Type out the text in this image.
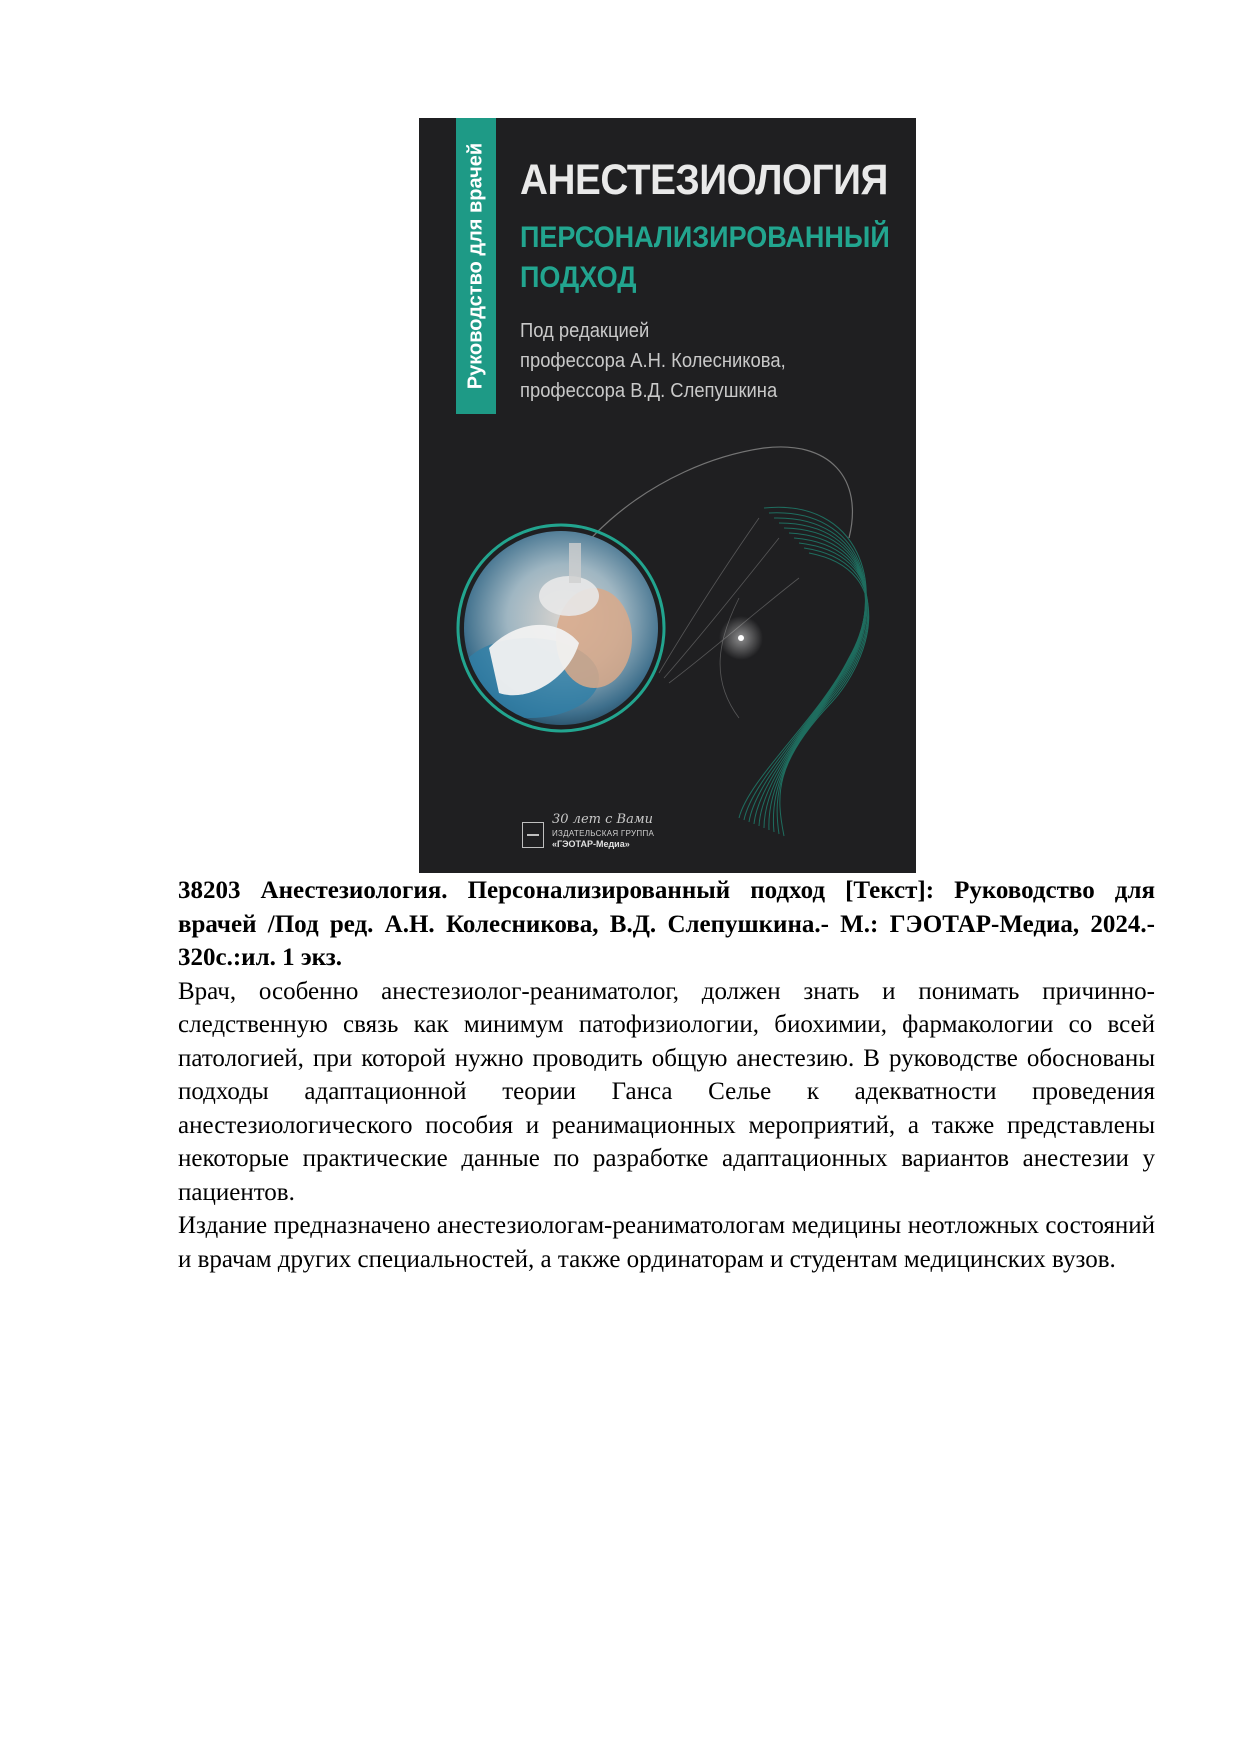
Руководство для врачей АНЕСТЕЗИОЛОГИЯ
ПЕРСОНАЛИЗИРОВАННЫЙ
ПОДХОД
Под редакцией
профессора А.Н. Колесникова,
профессора В.Д. Слепушкина
30 лет с Вами
ИЗДАТЕЛЬСКАЯ ГРУППА
«ГЭОТАР-Медиа»

38203 Анестезиология. Персонализированный подход [Текст]: Руководство для врачей /Под ред. А.Н. Колесникова, В.Д. Слепушкина.- М.: ГЭОТАР-Медиа, 2024.- 320с.:ил. 1 экз.

Врач, особенно анестезиолог-реаниматолог, должен знать и понимать причинно-следственную связь как минимум патофизиологии, биохимии, фармакологии со всей патологией, при которой нужно проводить общую анестезию. В руководстве обоснованы подходы адаптационной теории Ганса Селье к адекватности проведения анестезиологического пособия и реанимационных мероприятий, а также представлены некоторые практические данные по разработке адаптационных вариантов анестезии у пациентов.

Издание предназначено анестезиологам-реаниматологам медицины неотложных состояний и врачам других специальностей, а также ординаторам и студентам медицинских вузов.
